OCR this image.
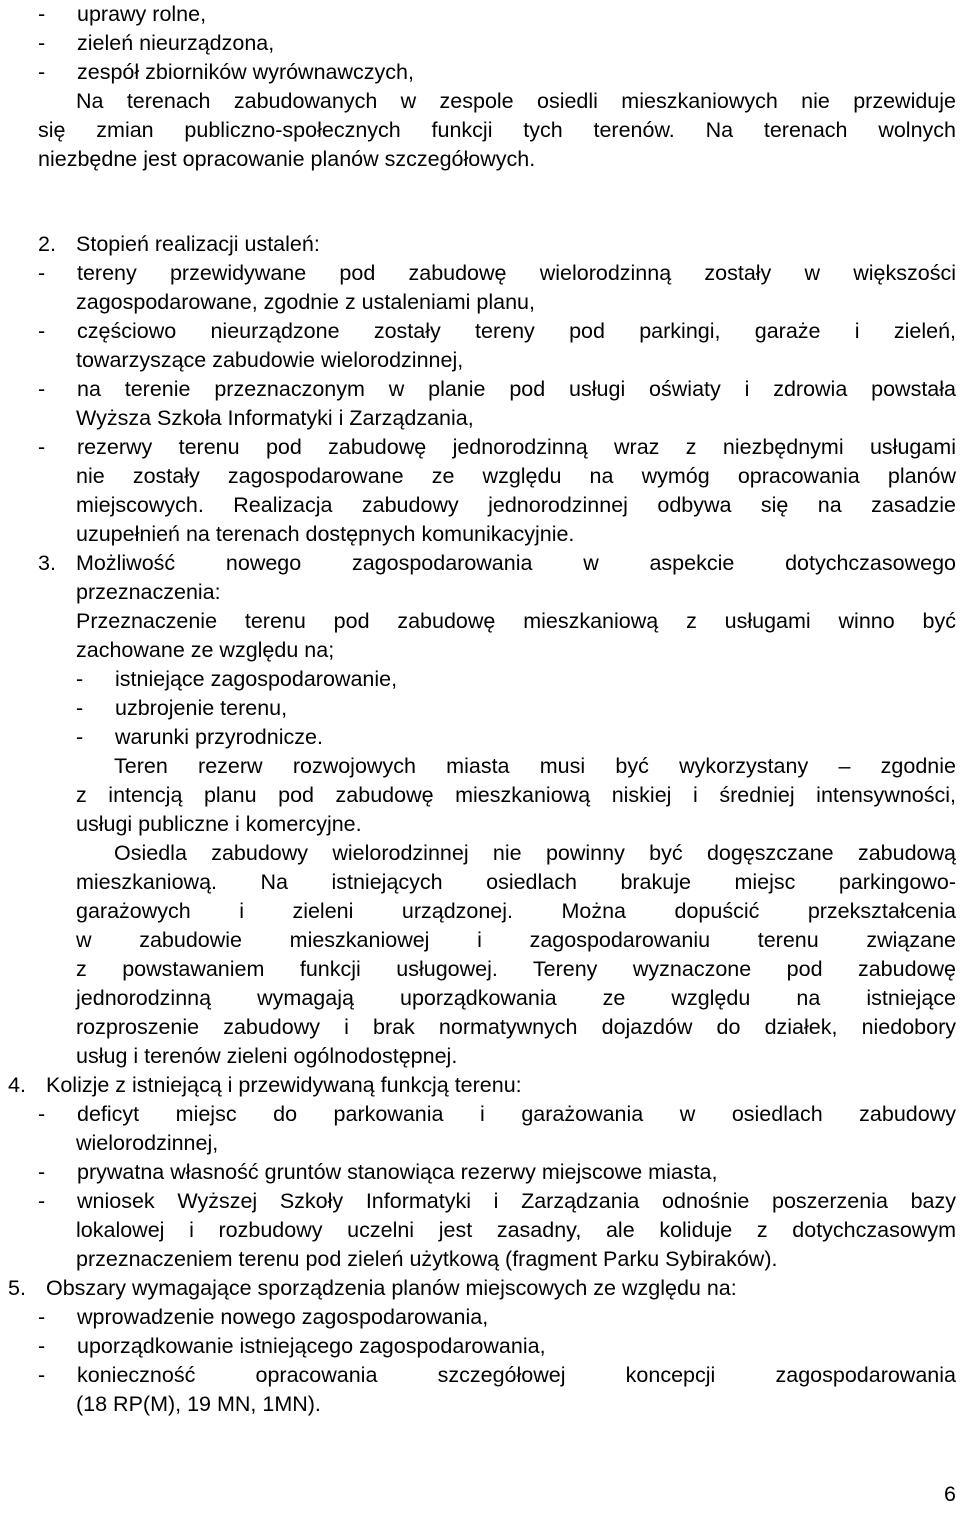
-	uprawy rolne,
-	zieleń nieurządzona,
-	zespół zbiorników wyrównawczych,
Na terenach zabudowanych w zespole osiedli mieszkaniowych nie przewiduje
się zmian publiczno-społecznych funkcji tych terenów. Na terenach wolnych
niezbędne jest opracowanie planów szczegółowych.
2. Stopień realizacji ustaleń:
-	tereny przewidywane pod zabudowę wielorodzinną zostały w większości
zagospodarowane, zgodnie z ustaleniami planu,
-	częściowo nieurządzone zostały tereny pod parkingi, garaże i zieleń,
towarzyszące zabudowie wielorodzinnej,
-	na terenie przeznaczonym w planie pod usługi oświaty i zdrowia powstała
Wyższa Szkoła Informatyki i Zarządzania,
-	rezerwy terenu pod zabudowę jednorodzinną wraz z niezbędnymi usługami
nie zostały zagospodarowane ze względu na wymóg opracowania planów
miejscowych. Realizacja zabudowy jednorodzinnej odbywa się na zasadzie
uzupełnień na terenach dostępnych komunikacyjnie.
3. Możliwość nowego zagospodarowania w aspekcie dotychczasowego
przeznaczenia:
Przeznaczenie terenu pod zabudowę mieszkaniową z usługami winno być
zachowane ze względu na;
-	istniejące zagospodarowanie,
-	uzbrojenie terenu,
-	warunki przyrodnicze.
Teren rezerw rozwojowych miasta musi być wykorzystany – zgodnie
z intencją planu pod zabudowę mieszkaniową niskiej i średniej intensywności,
usługi publiczne i komercyjne.
Osiedla zabudowy wielorodzinnej nie powinny być dogęszczane zabudową
mieszkaniową. Na istniejących osiedlach brakuje miejsc parkingowo-
garażowych i zieleni urządzonej. Można dopuścić przekształcenia
w zabudowie mieszkaniowej i zagospodarowaniu terenu związane
z powstawaniem funkcji usługowej. Tereny wyznaczone pod zabudowę
jednorodzinną wymagają uporządkowania ze względu na istniejące
rozproszenie zabudowy i brak normatywnych dojazdów do działek, niedobory
usług i terenów zieleni ogólnodostępnej.
4. Kolizje z istniejącą i przewidywaną funkcją terenu:
-	deficyt miejsc do parkowania i garażowania w osiedlach zabudowy
wielorodzinnej,
-	prywatna własność gruntów stanowiąca rezerwy miejscowe miasta,
-	wniosek Wyższej Szkoły Informatyki i Zarządzania odnośnie poszerzenia bazy
lokalowej i rozbudowy uczelni jest zasadny, ale koliduje z dotychczasowym
przeznaczeniem terenu pod zieleń użytkową (fragment Parku Sybiraków).
5. Obszary wymagające sporządzenia planów miejscowych ze względu na:
-	wprowadzenie nowego zagospodarowania,
-	uporządkowanie istniejącego zagospodarowania,
-	konieczność opracowania szczegółowej koncepcji zagospodarowania
(18 RP(M), 19 MN, 1MN).
6
